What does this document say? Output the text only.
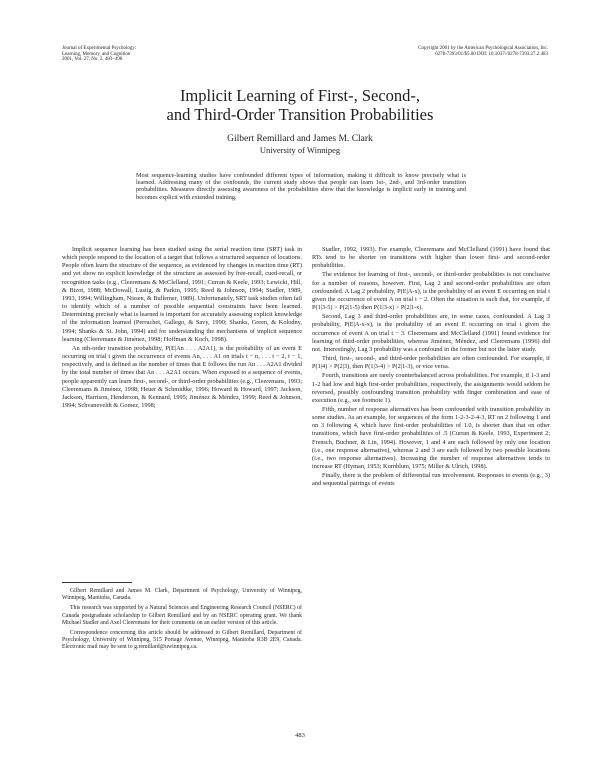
Journal of Experimental Psychology:
Learning, Memory, and Cognition
2001, Vol. 27, No. 2, 483–498
Copyright 2001 by the American Psychological Association, Inc.
0278-7393/01/$5.00 DOI: 10.1037//0278-7393.27.2.483
Implicit Learning of First-, Second-,
and Third-Order Transition Probabilities
Gilbert Remillard and James M. Clark
University of Winnipeg
Most sequence-learning studies have confounded different types of information, making it difficult to know precisely what is learned. Addressing many of the confounds, the current study shows that people can learn 1st-, 2nd-, and 3rd-order transition probabilities. Measures directly assessing awareness of the probabilities show that the knowledge is implicit early in training and becomes explicit with extended training.

Implicit sequence learning has been studied using the serial reaction time (SRT) task in which people respond to the location of a target that follows a structured sequence of locations. People often learn the structure of the sequence, as evidenced by changes in reaction time (RT) and yet show no explicit knowledge of the structure as assessed by free-recall, cued-recall, or recognition tasks (e.g., Cleeremans & McClelland, 1991; Curran & Keele, 1993; Lewicki, Hill, & Bizot, 1988; McDowall, Lustig, & Parkin, 1995; Reed & Johnson, 1994; Stadler, 1989, 1993, 1994; Willingham, Nissen, & Bullemer, 1989). Unfortunately, SRT task studies often fail to identify which of a number of possible sequential constraints have been learned. Determining precisely what is learned is important for accurately assessing explicit knowledge of the information learned (Perruchet, Gallego, & Savy, 1990; Shanks, Green, & Kolodny, 1994; Shanks & St. John, 1994) and for understanding the mechanisms of implicit sequence learning (Cleeremans & Jiménez, 1998; Hoffman & Koch, 1998).

An nth-order transition probability, P(E|An . . . A2A1), is the probability of an event E occurring on trial t given the occurrence of events An, . . . A1 on trials t − n, . . . t − 2, t − 1, respectively, and is defined as the number of times that E follows the run An . . . A2A1 divided by the total number of times that An . . . A2A1 occurs. When exposed to a sequence of events, people apparently can learn first-, second-, or third-order probabilities (e.g., Cleeremans, 1993; Cleeremans & Jiménez, 1998; Heuer & Schmidtke, 1996; Howard & Howard, 1997; Jackson, Jackson, Harrison, Henderson, & Kennard, 1995; Jiménez & Méndez, 1999; Reed & Johnson, 1994; Schvaneveldt & Gomez, 1998;

Stadler, 1992, 1993). For example, Cleeremans and McClelland (1991) have found that RTs tend to be shorter on transitions with higher than lower first- and second-order probabilities.

The evidence for learning of first-, second-, or third-order probabilities is not conclusive for a number of reasons, however. First, Lag 2 and second-order probabilities are often confounded. A Lag 2 probability, P(E|A-x), is the probability of an event E occurring on trial t given the occurrence of event A on trial t − 2. Often the situation is such that, for example, if P(1|3-5) > P(2|1-5) then P(1|3-x) > P(2|1-x).

Second, Lag 3 and third-order probabilities are, in some cases, confounded. A Lag 3 probability, P(E|A-x-x), is the probability of an event E occurring on trial t given the occurrence of event A on trial t − 3. Cleeremans and McClelland (1991) found evidence for learning of third-order probabilities, whereas Jiménez, Méndez, and Cleeremans (1996) did not. Interestingly, Lag 3 probability was a confound in the former but not the latter study.

Third, first-, second-, and third-order probabilities are often confounded. For example, if P(1|4) > P(2|3), then P(1|3-4) > P(2|1-3), or vice versa.

Fourth, transitions are rarely counterbalanced across probabilities. For example, if 1-3 and 1-2 had low and high first-order probabilities, respectively, the assignments would seldom be reversed, possibly confounding transition probability with finger combination and ease of execution (e.g., see footnote 1).

Fifth, number of response alternatives has been confounded with transition probability in some studies. As an example, for sequences of the form 1-2-3-2-4-3, RT on 2 following 1 and on 3 following 4, which have first-order probabilities of 1.0, is shorter than that on other transitions, which have first-order probabilities of .5 (Curran & Keele, 1993, Experiment 2; Frensch, Buchner, & Lin, 1994). However, 1 and 4 are each followed by only one location (i.e., one response alternative), whereas 2 and 3 are each followed by two possible locations (i.e., two response alternatives). Increasing the number of response alternatives tends to increase RT (Hyman, 1953; Kornblum, 1975; Miller & Ulrich, 1998).

Finally, there is the problem of differential run involvement. Responses to events (e.g., 3) and sequential pairings of events

Gilbert Remillard and James M. Clark, Department of Psychology, University of Winnipeg, Winnipeg, Manitoba, Canada.

This research was supported by a Natural Sciences and Engineering Research Council (NSERC) of Canada postgraduate scholarship to Gilbert Remillard and by an NSERC operating grant. We thank Michael Stadler and Axel Cleeremans for their comments on an earlier version of this article.

Correspondence concerning this article should be addressed to Gilbert Remillard, Department of Psychology, University of Winnipeg, 515 Portage Avenue, Winnipeg, Manitoba R3B 2E9, Canada. Electronic mail may be sent to g.remillard@uwinnipeg.ca.

483
